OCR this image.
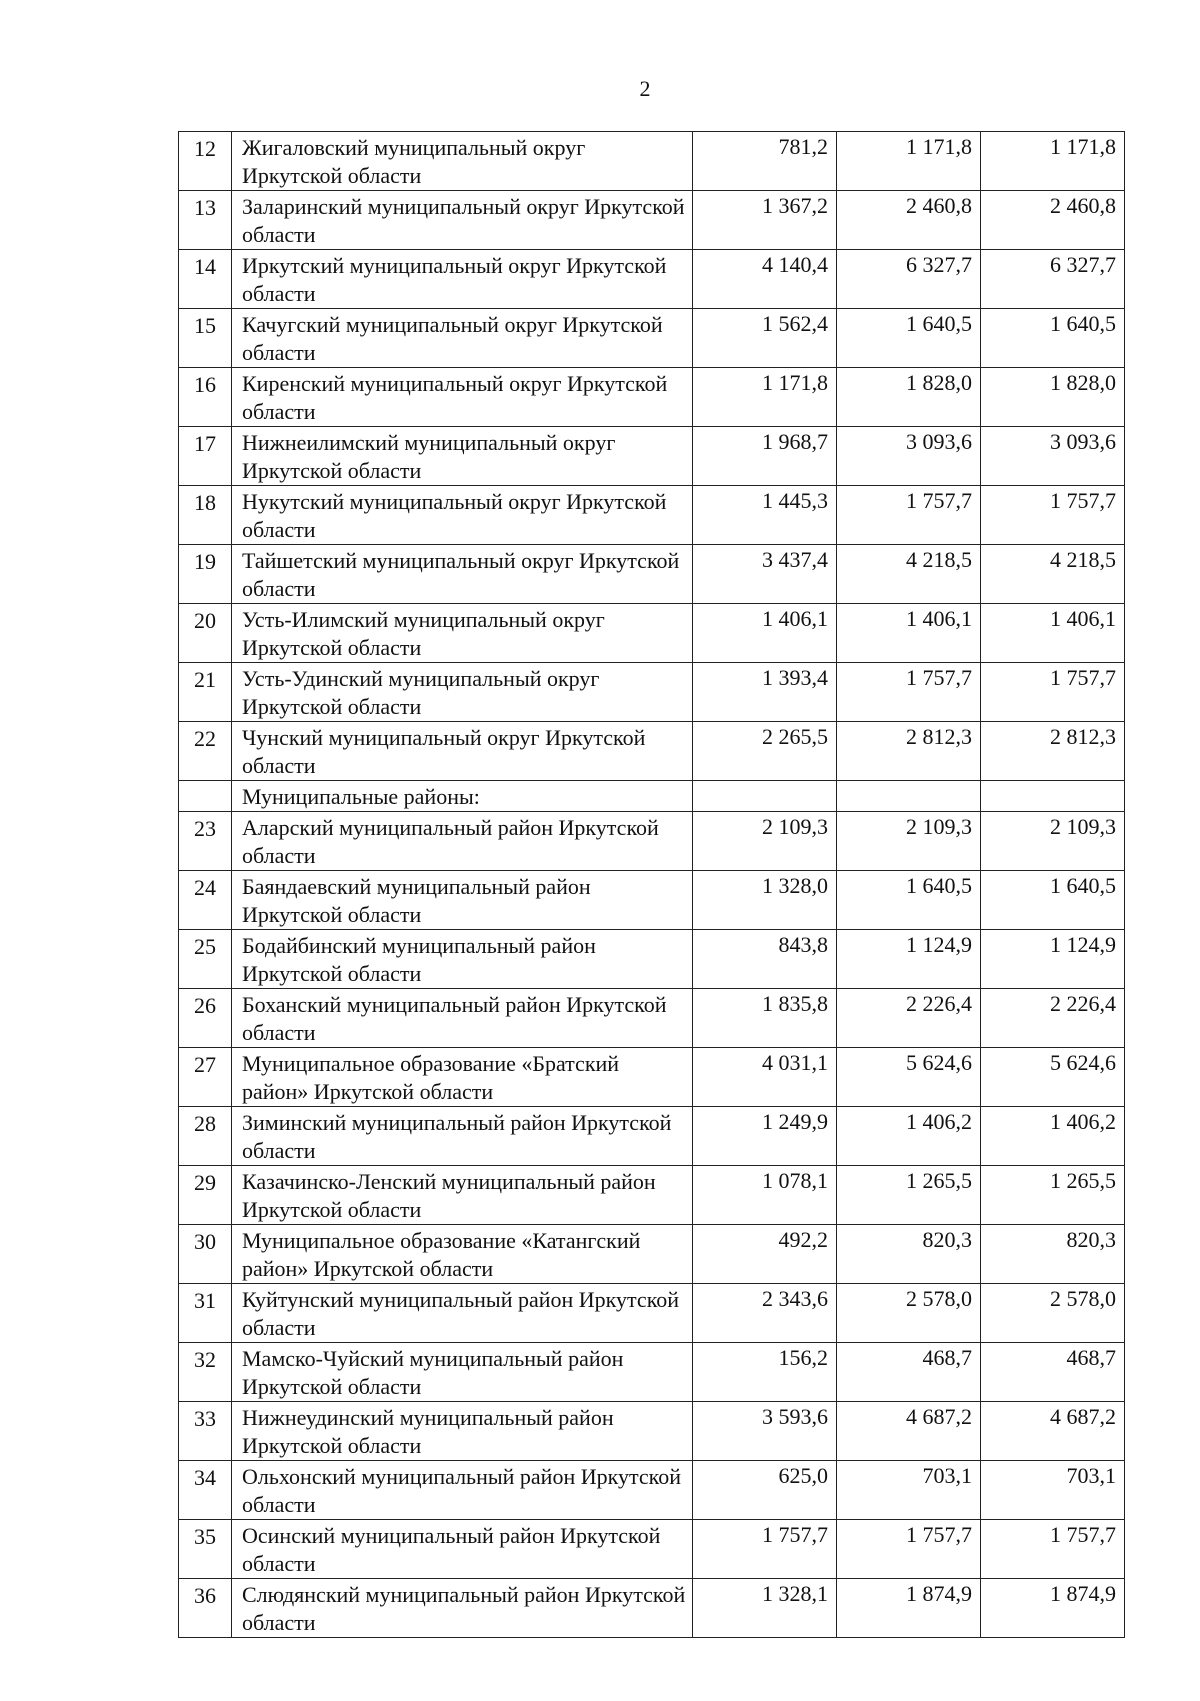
2
12	Жигаловский муниципальный округ Иркутской области	781,2	1 171,8	1 171,8
13	Заларинский муниципальный округ Иркутской области	1 367,2	2 460,8	2 460,8
14	Иркутский муниципальный округ Иркутской области	4 140,4	6 327,7	6 327,7
15	Качугский муниципальный округ Иркутской области	1 562,4	1 640,5	1 640,5
16	Киренский муниципальный округ Иркутской области	1 171,8	1 828,0	1 828,0
17	Нижнеилимский муниципальный округ Иркутской области	1 968,7	3 093,6	3 093,6
18	Нукутский муниципальный округ Иркутской области	1 445,3	1 757,7	1 757,7
19	Тайшетский муниципальный округ Иркутской области	3 437,4	4 218,5	4 218,5
20	Усть-Илимский муниципальный округ Иркутской области	1 406,1	1 406,1	1 406,1
21	Усть-Удинский муниципальный округ Иркутской области	1 393,4	1 757,7	1 757,7
22	Чунский муниципальный округ Иркутской области	2 265,5	2 812,3	2 812,3
	Муниципальные районы:			
23	Аларский муниципальный район Иркутской области	2 109,3	2 109,3	2 109,3
24	Баяндаевский муниципальный район Иркутской области	1 328,0	1 640,5	1 640,5
25	Бодайбинский муниципальный район Иркутской области	843,8	1 124,9	1 124,9
26	Боханский муниципальный район Иркутской области	1 835,8	2 226,4	2 226,4
27	Муниципальное образование «Братский район» Иркутской области	4 031,1	5 624,6	5 624,6
28	Зиминский муниципальный район Иркутской области	1 249,9	1 406,2	1 406,2
29	Казачинско-Ленский муниципальный район Иркутской области	1 078,1	1 265,5	1 265,5
30	Муниципальное образование «Катангский район» Иркутской области	492,2	820,3	820,3
31	Куйтунский муниципальный район Иркутской области	2 343,6	2 578,0	2 578,0
32	Мамско-Чуйский муниципальный район Иркутской области	156,2	468,7	468,7
33	Нижнеудинский муниципальный район Иркутской области	3 593,6	4 687,2	4 687,2
34	Ольхонский муниципальный район Иркутской области	625,0	703,1	703,1
35	Осинский муниципальный район Иркутской области	1 757,7	1 757,7	1 757,7
36	Слюдянский муниципальный район Иркутской области	1 328,1	1 874,9	1 874,9
